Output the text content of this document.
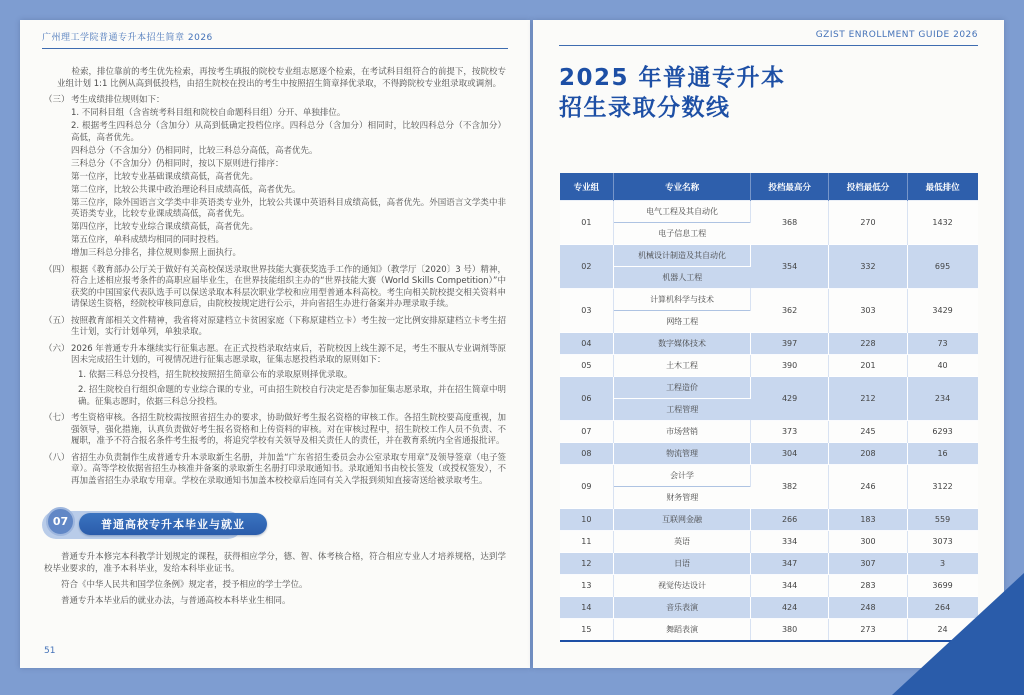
广州理工学院普通专升本招生简章 2026

检索，排位靠前的考生优先检索，再按考生填报的院校专业组志愿逐个检索，在考试科目组符合的前提下，按院校专业组计划 1:1 比例从高到低投档，由招生院校在投出的考生中按照招生简章择优录取，不得跨院校专业组录取或调剂。

（三） 考生成绩排位规则如下：

1. 不同科目组（含省统考科目组和院校自命题科目组）分开、单独排位。

2. 根据考生四科总分（含加分）从高到低确定投档位序。四科总分（含加分）相同时，比较四科总分（不含加分）高低，高者优先。

四科总分（不含加分）仍相同时，比较三科总分高低，高者优先。

三科总分（不含加分）仍相同时，按以下原则进行排序：

第一位序，比较专业基础课成绩高低，高者优先。

第二位序，比较公共课中政治理论科目成绩高低，高者优先。

第三位序，除外国语言文学类中非英语类专业外，比较公共课中英语科目成绩高低，高者优先。外国语言文学类中非英语类专业，比较专业课成绩高低，高者优先。

第四位序，比较专业综合课成绩高低，高者优先。

第五位序，单科成绩均相同的同时投档。

增加三科总分排名，排位规则参照上面执行。

（四） 根据《教育部办公厅关于做好有关高校保送录取世界技能大赛获奖选手工作的通知》（教学厅〔2020〕3 号）精神，符合上述相应报考条件的高职应届毕业生，在世界技能组织主办的“世界技能大赛（World Skills Competition）”中获奖的中国国家代表队选手可以保送录取本科层次职业学校和应用型普通本科高校。考生向相关院校提交相关资料申请保送生资格，经院校审核同意后，由院校按规定进行公示，并向省招生办进行备案并办理录取手续。

（五） 按照教育部相关文件精神，我省将对原建档立卡贫困家庭（下称原建档立卡）考生按一定比例安排原建档立卡考生招生计划，实行计划单列，单独录取。

（六） 2026 年普通专升本继续实行征集志愿。在正式投档录取结束后，若院校因上线生源不足，考生不服从专业调剂等原因未完成招生计划的，可视情况进行征集志愿录取，征集志愿投档录取的原则如下：

1. 依据三科总分投档，招生院校按照招生简章公布的录取原则择优录取。

2. 招生院校自行组织命题的专业综合课的专业，可由招生院校自行决定是否参加征集志愿录取，并在招生简章中明确。征集志愿时，依据三科总分投档。

（七） 考生资格审核。各招生院校需按照省招生办的要求，协助做好考生报名资格的审核工作。各招生院校要高度重视，加强领导，强化措施，认真负责做好考生报名资格和上传资料的审核。对在审核过程中，招生院校工作人员不负责、不履职，准予不符合报名条件考生报考的，将追究学校有关领导及相关责任人的责任，并在教育系统内全省通报批评。

（八） 省招生办负责制作生成普通专升本录取新生名册，并加盖“广东省招生委员会办公室录取专用章”及领导签章（电子签章）。高等学校依据省招生办核准并备案的录取新生名册打印录取通知书。录取通知书由校长签发（或授权签发），不再加盖省招生办录取专用章。学校在录取通知书加盖本校校章后连同有关入学报到须知直接寄送给被录取考生。

07	普通高校专升本毕业与就业

普通专升本修完本科教学计划规定的课程，获得相应学分，德、智、体考核合格，符合相应专业人才培养规格，达到学校毕业要求的，准予本科毕业，发给本科毕业证书。

符合《中华人民共和国学位条例》规定者，授予相应的学士学位。

普通专升本毕业后的就业办法，与普通高校本科毕业生相同。

51
GZIST ENROLLMENT GUIDE 2026
2025 年普通专升本
招生录取分数线
专业组	专业名称	投档最高分	投档最低分	最低排位
01	电气工程及其自动化	368	270	1432
	电子信息工程			
02	机械设计制造及其自动化	354	332	695
	机器人工程			
03	计算机科学与技术	362	303	3429
	网络工程			
04	数字媒体技术	397	228	73
05	土木工程	390	201	40
06	工程造价	429	212	234
	工程管理			
07	市场营销	373	245	6293
08	物流管理	304	208	16
09	会计学	382	246	3122
	财务管理			
10	互联网金融	266	183	559
11	英语	334	300	3073
12	日语	347	307	3
13	视觉传达设计	344	283	3699
14	音乐表演	424	248	264
15	舞蹈表演	380	273	24
52
